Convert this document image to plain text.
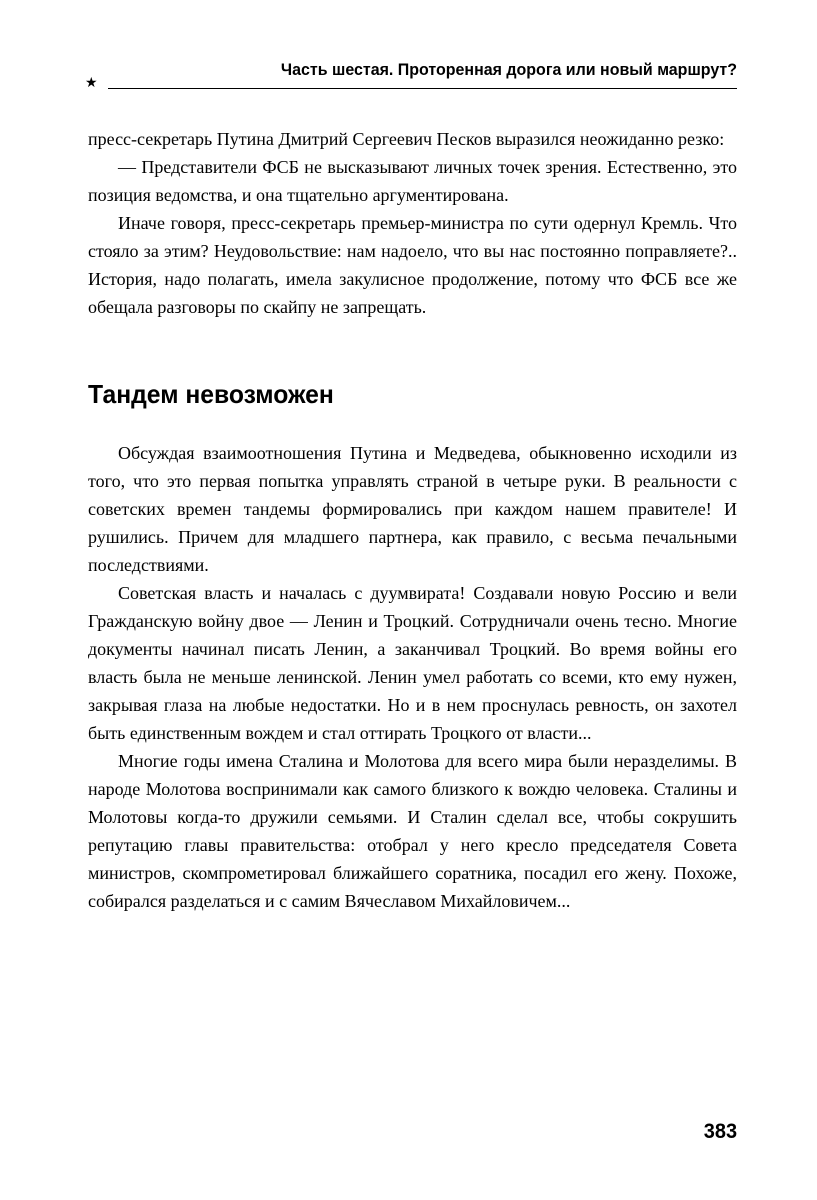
★
Часть шестая. Проторенная дорога или новый маршрут?

пресс-секретарь Путина Дмитрий Сергеевич Песков выразился неожиданно резко:

— Представители ФСБ не высказывают личных точек зрения. Естественно, это позиция ведомства, и она тщательно аргументирована.

Иначе говоря, пресс-секретарь премьер-министра по сути одернул Кремль. Что стояло за этим? Неудовольствие: нам надоело, что вы нас постоянно поправляете?.. История, надо полагать, имела закулисное продолжение, потому что ФСБ все же обещала разговоры по скайпу не запрещать.

Тандем невозможен

Обсуждая взаимоотношения Путина и Медведева, обыкновенно исходили из того, что это первая попытка управлять страной в четыре руки. В реальности с советских времен тандемы формировались при каждом нашем правителе! И рушились. Причем для младшего партнера, как правило, с весьма печальными последствиями.

Советская власть и началась с дуумвирата! Создавали новую Россию и вели Гражданскую войну двое — Ленин и Троцкий. Сотрудничали очень тесно. Многие документы начинал писать Ленин, а заканчивал Троцкий. Во время войны его власть была не меньше ленинской. Ленин умел работать со всеми, кто ему нужен, закрывая глаза на любые недостатки. Но и в нем проснулась ревность, он захотел быть единственным вождем и стал оттирать Троцкого от власти...

Многие годы имена Сталина и Молотова для всего мира были неразделимы. В народе Молотова воспринимали как самого близкого к вождю человека. Сталины и Молотовы когда-то дружили семьями. И Сталин сделал все, чтобы сокрушить репутацию главы правительства: отобрал у него кресло председателя Совета министров, скомпрометировал ближайшего соратника, посадил его жену. Похоже, собирался разделаться и с самим Вячеславом Михайловичем...

383
